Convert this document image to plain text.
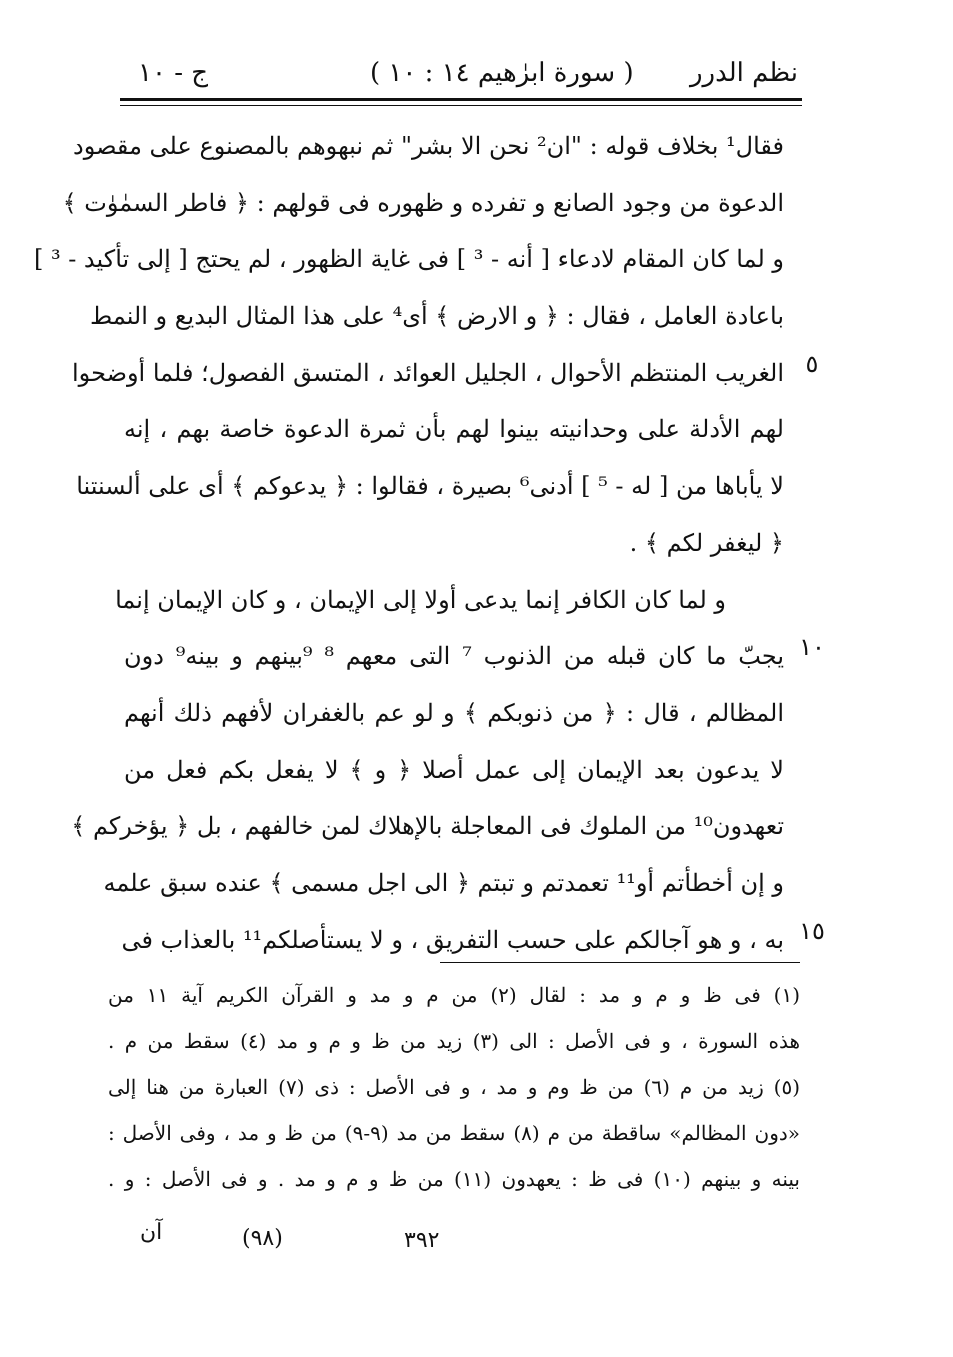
نظم الدرر
( سورة ابرٰهيم ١٤ : ١٠ )
ج - ١٠
فقال¹ بخلاف قوله : "ان² نحن الا بشر" ثم نبهوهم بالمصنوع على مقصود
الدعوة من وجود الصانع و تفرده و ظهوره فى قولهم : ﴿ فاطر السمٰوٰت ﴾
و لما كان المقام لادعاء [ أنه - ³ ] فى غاية الظهور ، لم يحتج [ إلى تأكيد - ³ ]
باعادة العامل ، فقال : ﴿ و الارض ﴾ أى⁴ على هذا المثال البديع و النمط
الغريب المنتظم الأحوال ، الجليل العوائد ، المتسق الفصول؛ فلما أوضحوا
لهم الأدلة على وحدانيته بينوا لهم بأن ثمرة الدعوة خاصة بهم ، إنه
لا يأباها من [ له - ⁵ ] أدنى⁶ بصيرة ، فقالوا : ﴿ يدعوكم ﴾ أى على ألسنتنا
﴿ ليغفر لكم ﴾ .
و لما كان الكافر إنما يدعى أولا إلى الإيمان ، و كان الإيمان إنما
يجبّ ما كان قبله من الذنوب ⁷ التى معهم ⁸ ⁹بينهم و بينه⁹ دون
المظالم ، قال : ﴿ من ذنوبكم ﴾ و لو عم بالغفران لأفهم ذلك أنهم
لا يدعون بعد الإيمان إلى عمل أصلا ﴿ و ﴾ لا يفعل بكم فعل من
تعهدون¹⁰ من الملوك فى المعاجلة بالإهلاك لمن خالفهم ، بل ﴿ يؤخركم ﴾
و إن أخطأتم أو¹¹ تعمدتم و تبتم ﴿ الى اجل مسمى ﴾ عنده سبق علمه
به ، و هو آجالكم على حسب التفريق ، و لا يستأصلكم¹¹ بالعذاب فى
٥
١٠
١٥
(١) فى ظ و م و مد : لقال (٢) من م و مد و القرآن الكريم آية ١١ من
هذه السورة ، و فى الأصل : الى (٣) زيد من ظ و م و مد (٤) سقط من م .
(٥) زيد من م (٦) من ظ وم و مد ، و فى الأصل : ذى (٧) العبارة من هنا إلى
«دون المظالم» ساقطة من م (٨) سقط من مد (٩-٩) من ظ و مد ، وفى الأصل :
بينه و بينهم (١٠) فى ظ : يعهدون (١١) من ظ و م و مد . و فى الأصل : و .
٣٩٢
(٩٨)
آن
